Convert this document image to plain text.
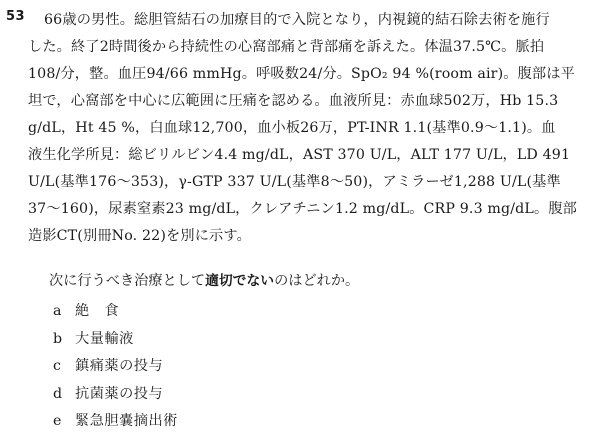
53	66歳の男性。総胆管結石の加療目的で入院となり，内視鏡的結石除去術を施行
した。終了2時間後から持続性の心窩部痛と背部痛を訴えた。体温37.5℃。脈拍
108/分，整。血圧94/66 mmHg。呼吸数24/分。SpO₂ 94 %(room air)。腹部は平
坦で，心窩部を中心に広範囲に圧痛を認める。血液所見：赤血球502万，Hb 15.3
g/dL，Ht 45 %，白血球12,700，血小板26万，PT-INR 1.1(基準0.9～1.1)。血
液生化学所見：総ビリルビン4.4 mg/dL，AST 370 U/L，ALT 177 U/L，LD 491
U/L(基準176～353)，γ-GTP 337 U/L(基準8～50)，アミラーゼ1,288 U/L(基準
37～160)，尿素窒素23 mg/dL，クレアチニン1.2 mg/dL。CRP 9.3 mg/dL。腹部
造影CT(別冊No. 22)を別に示す。
次に行うべき治療として適切でないのはどれか。
a 絶　食
b 大量輸液
c 鎮痛薬の投与
d 抗菌薬の投与
e 緊急胆嚢摘出術
